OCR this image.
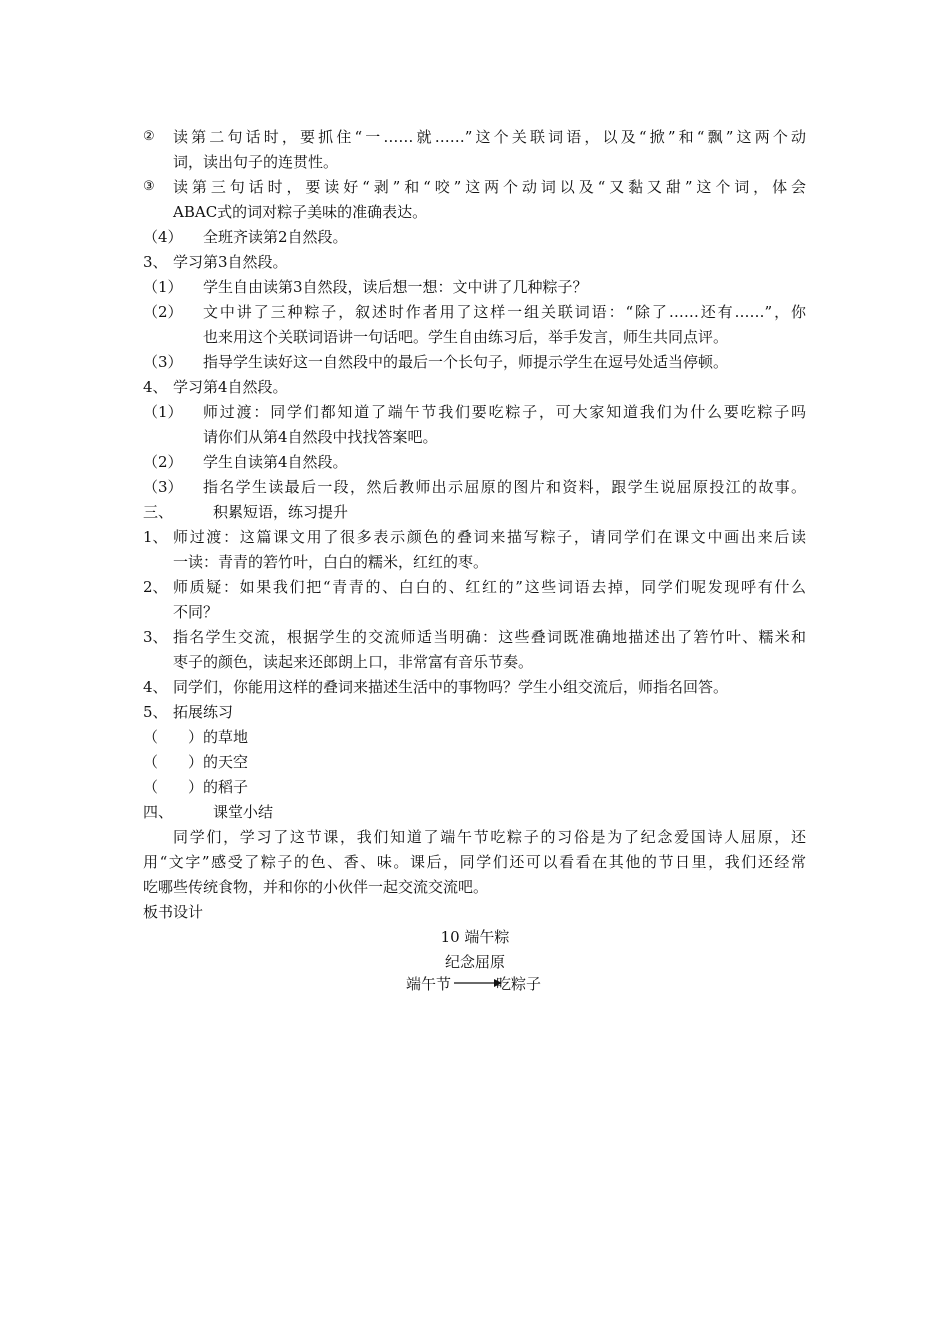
② 读第二句话时，要抓住“一……就……”这个关联词语，以及“掀”和“飘”这两个动
词，读出句子的连贯性。
③ 读第三句话时，要读好“剥”和“咬”这两个动词以及“又黏又甜”这个词，体会
ABAC式的词对粽子美味的准确表达。
（4） 全班齐读第2自然段。
3、 学习第3自然段。
（1） 学生自由读第3自然段，读后想一想：文中讲了几种粽子？
（2） 文中讲了三种粽子，叙述时作者用了这样一组关联词语：“除了……还有……”，你
也来用这个关联词语讲一句话吧。学生自由练习后，举手发言，师生共同点评。
（3） 指导学生读好这一自然段中的最后一个长句子，师提示学生在逗号处适当停顿。
4、 学习第4自然段。
（1） 师过渡：同学们都知道了端午节我们要吃粽子，可大家知道我们为什么要吃粽子吗
请你们从第4自然段中找找答案吧。
（2） 学生自读第4自然段。
（3） 指名学生读最后一段，然后教师出示屈原的图片和资料，跟学生说屈原投江的故事。
三、	积累短语，练习提升
1、 师过渡：这篇课文用了很多表示颜色的叠词来描写粽子，请同学们在课文中画出来后读
一读：青青的箬竹叶，白白的糯米，红红的枣。
2、 师质疑：如果我们把“青青的、白白的、红红的”这些词语去掉，同学们呢发现呼有什么
不同？
3、 指名学生交流，根据学生的交流师适当明确：这些叠词既准确地描述出了箬竹叶、糯米和
枣子的颜色，读起来还郎朗上口，非常富有音乐节奏。
4、 同学们，你能用这样的叠词来描述生活中的事物吗？学生小组交流后，师指名回答。
5、 拓展练习
（　　）的草地
（　　）的天空
（　　）的稻子
四、	课堂小结
同学们，学习了这节课，我们知道了端午节吃粽子的习俗是为了纪念爱国诗人屈原，还
用“文字”感受了粽子的色、香、味。课后，同学们还可以看看在其他的节日里，我们还经常
吃哪些传统食物，并和你的小伙伴一起交流交流吧。
板书设计
10 端午粽
纪念屈原
端午节	吃粽子
